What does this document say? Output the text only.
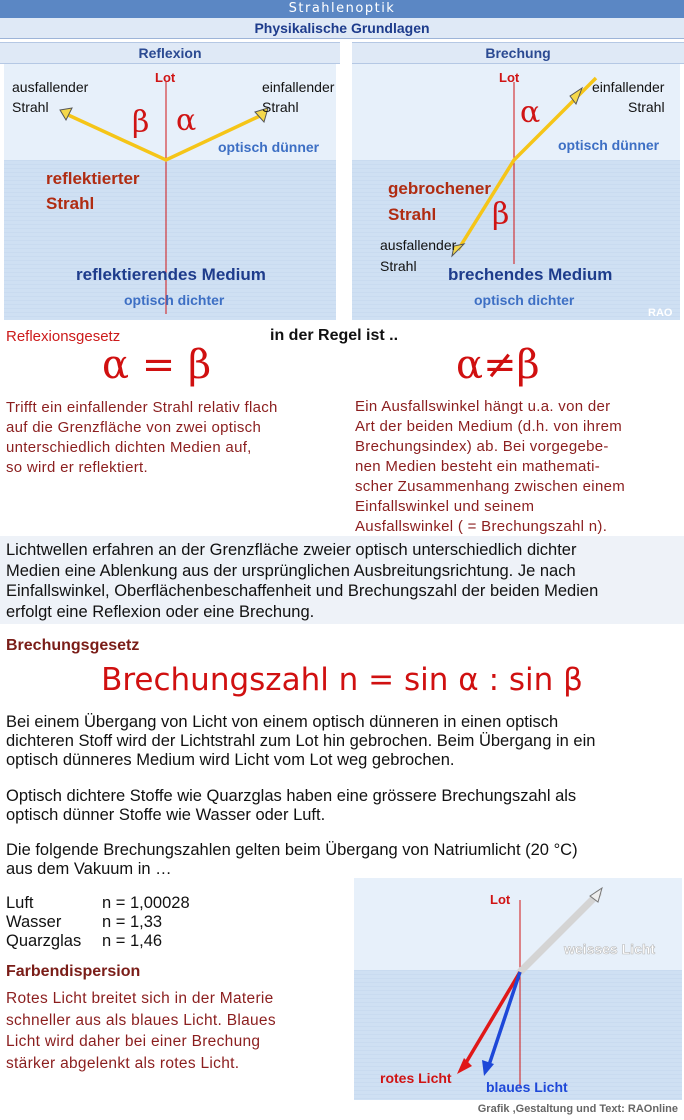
Strahlenoptik
Physikalische Grundlagen
Reflexion
Lot
ausfallender
Strahl
einfallender
Strahl
β α
optisch dünner
reflektierter
Strahl
reflektierendes Medium
optisch dichter
Brechung
Lot
einfallender
Strahl
α
optisch dünner
gebrochener
Strahl β
ausfallender
Strahl brechendes Medium
optisch dichter
RAO
Reflexionsgesetz	in der Regel ist ..
α = β	α≠β
Trifft ein einfallender Strahl relativ flach
auf die Grenzfläche von zwei optisch
unterschiedlich dichten Medien auf,
so wird er reflektiert.
Ein Ausfallswinkel hängt u.a. von der
Art der beiden Medium (d.h. von ihrem
Brechungsindex) ab. Bei vorgegebe-
nen Medien besteht ein mathemati-
scher Zusammenhang zwischen einem
Einfallswinkel und seinem
Ausfallswinkel ( = Brechungszahl n).
Lichtwellen erfahren an der Grenzfläche zweier optisch unterschiedlich dichter
Medien eine Ablenkung aus der ursprünglichen Ausbreitungsrichtung. Je nach
Einfallswinkel, Oberflächenbeschaffenheit und Brechungszahl der beiden Medien
erfolgt eine Reflexion oder eine Brechung.
Brechungsgesetz
Brechungszahl n = sin α : sin β
Bei einem Übergang von Licht von einem optisch dünneren in einen optisch
dichteren Stoff wird der Lichtstrahl zum Lot hin gebrochen. Beim Übergang in ein
optisch dünneres Medium wird Licht vom Lot weg gebrochen.
Optisch dichtere Stoffe wie Quarzglas haben eine grössere Brechungszahl als
optisch dünner Stoffe wie Wasser oder Luft.
Die folgende Brechungszahlen gelten beim Übergang von Natriumlicht (20 °C)
aus dem Vakuum in …
Luft	n = 1,00028
Wasser	n = 1,33
Quarzglas	n = 1,46
Farbendispersion
Rotes Licht breitet sich in der Materie
schneller aus als blaues Licht. Blaues
Licht wird daher bei einer Brechung
stärker abgelenkt als rotes Licht.
Lot
weisses Licht
rotes Licht
blaues Licht
Grafik ,Gestaltung und Text: RAOnline
